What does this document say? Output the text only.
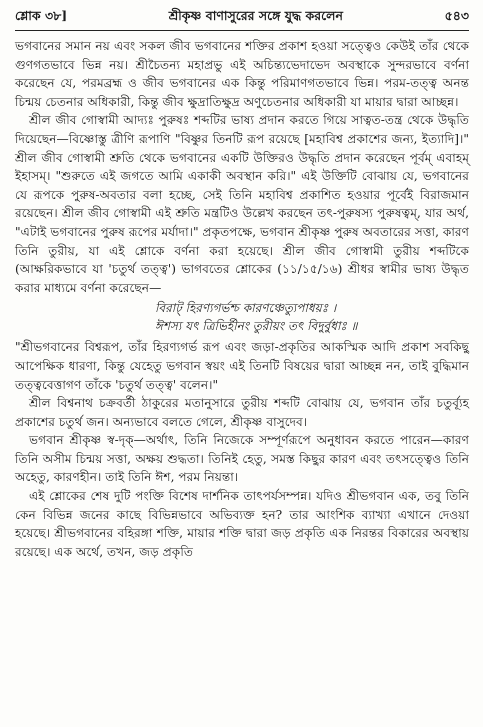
শ্লোক ৩৮]	শ্রীকৃষ্ণ বাণাসুরের সঙ্গে যুদ্ধ করলেন	৫৪৩

ভগবানের সমান নয় এবং সকল জীব ভগবানের শক্তির প্রকাশ হওয়া সত্ত্বেও কেউই তাঁর থেকে গুণগতভাবে ভিন্ন নয়। শ্রীচৈতন্য মহাপ্রভু এই অচিন্ত্যভেদাভেদ অবস্থাকে সুন্দরভাবে বর্ণনা করেছেন যে, পরমব্রহ্ম ও জীব ভগবানের এক কিন্তু পরিমাণগতভাবে ভিন্ন। পরম-তত্ত্ব অনন্ত চিন্ময় চেতনার অধিকারী, কিন্তু জীব ক্ষুদ্রাতিক্ষুদ্র অণুচেতনার অধিকারী যা মায়ার দ্বারা আচ্ছন্ন।

শ্রীল জীব গোস্বামী আদ্যঃ পুরুষঃ শব্দটির ভাষ্য প্রদান করতে গিয়ে সাত্বত-তন্ত্র থেকে উদ্ধৃতি দিয়েছেন—বিষ্ণোস্তু ত্রীণি রূপাণি "বিষ্ণুর তিনটি রূপ রয়েছে [মহাবিশ্ব প্রকাশের জন্য, ইত্যাদি]।" শ্রীল জীব গোস্বামী শ্রুতি থেকে ভগবানের একটি উক্তিরও উদ্ধৃতি প্রদান করেছেন পূর্বম্ এবাহম্ ইহাসম্। "শুরুতে এই জগতে আমি একাকী অবস্থান করি।" এই উক্তিটি বোঝায় যে, ভগবানের যে রূপকে পুরুষ-অবতার বলা হচ্ছে, সেই তিনি মহাবিশ্ব প্রকাশিত হওয়ার পূর্বেই বিরাজমান রয়েছেন। শ্রীল জীব গোস্বামী এই শ্রুতি মন্ত্রটিও উল্লেখ করছেন তৎ-পুরুষস্য পুরুষত্বম্, যার অর্থ, "এটাই ভগবানের পুরুষ রূপের মর্যাদা।" প্রকৃতপক্ষে, ভগবান শ্রীকৃষ্ণ পুরুষ অবতারের সত্তা, কারণ তিনি তুরীয়, যা এই শ্লোকে বর্ণনা করা হয়েছে। শ্রীল জীব গোস্বামী তুরীয় শব্দটিকে (আক্ষরিকভাবে যা 'চতুর্থ তত্ত্ব') ভাগবতের শ্লোকের (১১/১৫/১৬) শ্রীধর স্বামীর ভাষ্য উদ্ধৃত করার মাধ্যমে বর্ণনা করেছেন—

বিরাট্ হিরণ্যগর্ভশ্চ কারণঞ্চেত্যুপাধয়ঃ ।
ঈশস্য যৎ ত্রিভির্হীনং তুরীয়ং তৎ বিদুর্বুধাঃ ॥

"শ্রীভগবানের বিশ্বরূপ, তাঁর হিরণ্যগর্ভ রূপ এবং জড়া-প্রকৃতির আকস্মিক আদি প্রকাশ সবকিছু আপেক্ষিক ধারণা, কিন্তু যেহেতু ভগবান স্বয়ং এই তিনটি বিষয়ের দ্বারা আচ্ছন্ন নন, তাই বুদ্ধিমান তত্ত্ববেত্তাগণ তাঁকে 'চতুর্থ তত্ত্ব' বলেন।"

শ্রীল বিশ্বনাথ চক্রবর্তী ঠাকুরের মতানুসারে তুরীয় শব্দটি বোঝায় যে, ভগবান তাঁর চতুর্ব্যূহ প্রকাশের চতুর্থ জন। অন্যভাবে বলতে গেলে, শ্রীকৃষ্ণ বাসুদেব।

ভগবান শ্রীকৃষ্ণ স্ব-দৃক্—অর্থাৎ, তিনি নিজেকে সম্পূর্ণরূপে অনুধাবন করতে পারেন—কারণ তিনি অসীম চিন্ময় সত্তা, অক্ষয় শুদ্ধতা। তিনিই হেতু, সমস্ত কিছুর কারণ এবং তৎসত্ত্বেও তিনি অহেতু, কারণহীন। তাই তিনি ঈশ, পরম নিয়ন্তা।

এই শ্লোকের শেষ দুটি পংক্তি বিশেষ দার্শনিক তাৎপর্যসম্পন্ন। যদিও শ্রীভগবান এক, তবু তিনি কেন বিভিন্ন জনের কাছে বিভিন্নভাবে অভিব্যক্ত হন? তার আংশিক ব্যাখ্যা এখানে দেওয়া হয়েছে। শ্রীভগবানের বহিরঙ্গা শক্তি, মায়ার শক্তি দ্বারা জড় প্রকৃতি এক নিরন্তর বিকারের অবস্থায় রয়েছে। এক অর্থে, তখন, জড় প্রকৃতি
